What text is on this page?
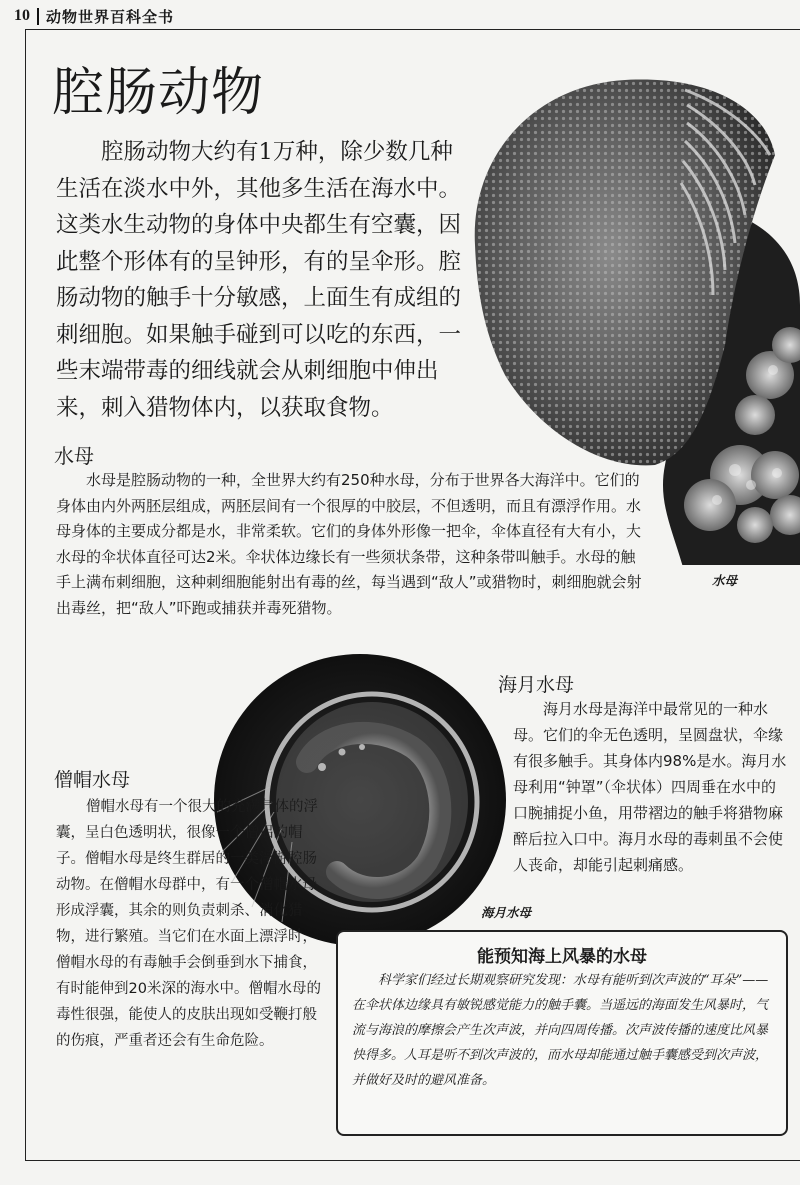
10 动物世界百科全书
腔肠动物

腔肠动物大约有1万种，除少数几种生活在淡水中外，其他多生活在海水中。这类水生动物的身体中央都生有空囊，因此整个形体有的呈钟形，有的呈伞形。腔肠动物的触手十分敏感，上面生有成组的刺细胞。如果触手碰到可以吃的东西，一些末端带毒的细线就会从刺细胞中伸出来，刺入猎物体内，以获取食物。

水母

水母是腔肠动物的一种，全世界大约有250种水母，分布于世界各大海洋中。它们的身体由内外两胚层组成，两胚层间有一个很厚的中胶层，不但透明，而且有漂浮作用。水母身体的主要成分都是水，非常柔软。它们的身体外形像一把伞，伞体直径有大有小，大水母的伞状体直径可达2米。伞状体边缘长有一些须状条带，这种条带叫触手。水母的触手上满布刺细胞，这种刺细胞能射出有毒的丝，每当遇到“敌人”或猎物时，刺细胞就会射出毒丝，把“敌人”吓跑或捕获并毒死猎物。

水母
海月水母
海月水母

海月水母是海洋中最常见的一种水母。它们的伞无色透明，呈圆盘状，伞缘有很多触手。其身体内98%是水。海月水母利用“钟罩”（伞状体）四周垂在水中的口腕捕捉小鱼，用带褶边的触手将猎物麻醉后拉入口中。海月水母的毒刺虽不会使人丧命，却能引起刺痛感。

僧帽水母

僧帽水母有一个很大的充满气体的浮囊，呈白色透明状，很像一个僧侣的帽子。僧帽水母是终生群居的一类浮游腔肠动物。在僧帽水母群中，有一个僧帽水母形成浮囊，其余的则负责刺杀、消化猎物，进行繁殖。当它们在水面上漂浮时，僧帽水母的有毒触手会倒垂到水下捕食，有时能伸到20米深的海水中。僧帽水母的毒性很强，能使人的皮肤出现如受鞭打般的伤痕，严重者还会有生命危险。

能预知海上风暴的水母

科学家们经过长期观察研究发现：水母有能听到次声波的“耳朵”——在伞状体边缘具有敏锐感觉能力的触手囊。当遥远的海面发生风暴时，气流与海浪的摩擦会产生次声波，并向四周传播。次声波传播的速度比风暴快得多。人耳是听不到次声波的，而水母却能通过触手囊感受到次声波，并做好及时的避风准备。
